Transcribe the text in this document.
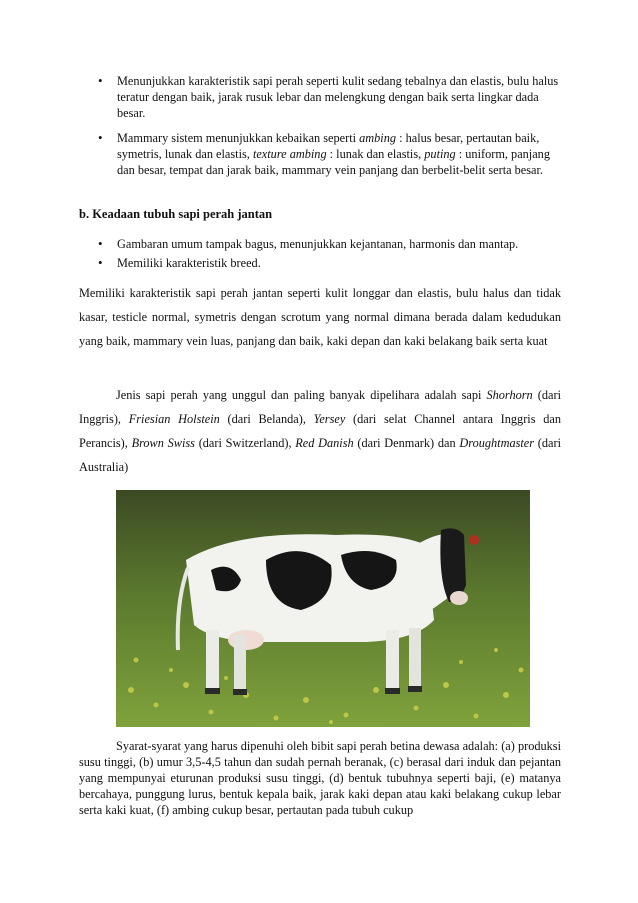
• Menunjukkan karakteristik sapi perah seperti kulit sedang tebalnya dan elastis, bulu halus teratur dengan baik, jarak rusuk lebar dan melengkung dengan baik serta lingkar dada besar.
• Mammary sistem menunjukkan kebaikan seperti ambing : halus besar, pertautan baik, symetris, lunak dan elastis, texture ambing : lunak dan elastis, puting : uniform, panjang dan besar, tempat dan jarak baik, mammary vein panjang dan berbelit-belit serta besar.
b. Keadaan tubuh sapi perah jantan
• Gambaran umum tampak bagus, menunjukkan kejantanan, harmonis dan mantap.
• Memiliki karakteristik breed.

Memiliki karakteristik sapi perah jantan seperti kulit longgar dan elastis, bulu halus dan tidak kasar, testicle normal, symetris dengan scrotum yang normal dimana berada dalam kedudukan yang baik, mammary vein luas, panjang dan baik, kaki depan dan kaki belakang baik serta kuat

Jenis sapi perah yang unggul dan paling banyak dipelihara adalah sapi Shorhorn (dari Inggris), Friesian Holstein (dari Belanda), Yersey (dari selat Channel antara Inggris dan Perancis), Brown Swiss (dari Switzerland), Red Danish (dari Denmark) dan Droughtmaster (dari Australia)

Syarat-syarat yang harus dipenuhi oleh bibit sapi perah betina dewasa adalah: (a) produksi susu tinggi, (b) umur 3,5-4,5 tahun dan sudah pernah beranak, (c) berasal dari induk dan pejantan yang mempunyai eturunan produksi susu tinggi, (d) bentuk tubuhnya seperti baji, (e) matanya bercahaya, punggung lurus, bentuk kepala baik, jarak kaki depan atau kaki belakang cukup lebar serta kaki kuat, (f) ambing cukup besar, pertautan pada tubuh cukup
